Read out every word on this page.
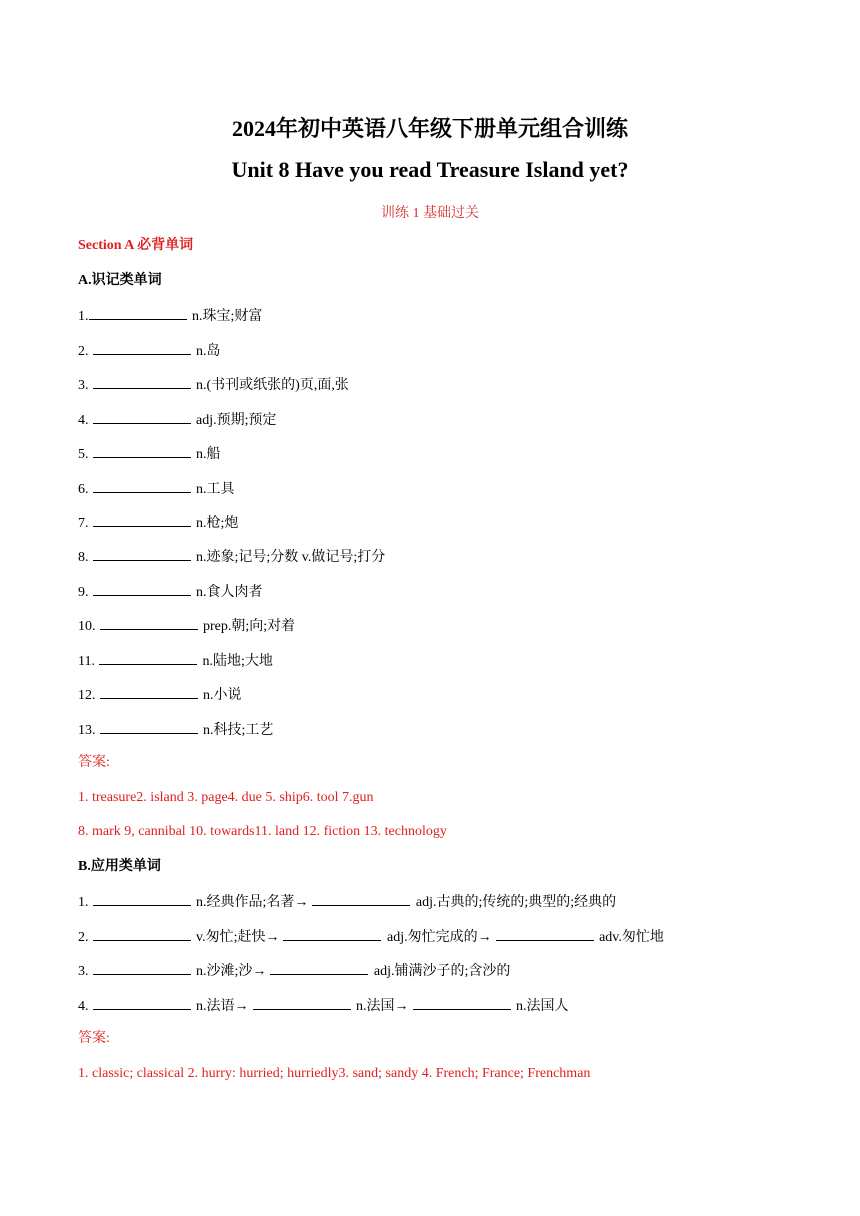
2024年初中英语八年级下册单元组合训练
Unit 8 Have you read Treasure Island yet?
训练 1 基础过关
Section A 必背单词
A.识记类单词
1.	n.珠宝;财富
2.	n.岛
3.	n.(书刊或纸张的)页,面,张
4.	adj.预期;预定
5.	n.船
6.	n.工具
7.	n.枪;炮
8.	n.迹象;记号;分数 v.做记号;打分
9.	n.食人肉者
10.	prep.朝;向;对着
11.	n.陆地;大地
12.	n.小说
13.	n.科技;工艺
答案:
1. treasure2. island 3. page4. due 5. ship6. tool 7.gun
8. mark 9, cannibal 10. towards11. land 12. fiction 13. technology
B.应用类单词
1.	n.经典作品;名著→	adj.古典的;传统的;典型的;经典的
2.	v.匆忙;赶快→	adj.匆忙完成的→	adv.匆忙地
3.	n.沙滩;沙→	adj.铺满沙子的;含沙的
4.	n.法语→	n.法国→	n.法国人
答案:
1. classic; classical 2. hurry: hurried; hurriedly3. sand; sandy 4. French; France; Frenchman
